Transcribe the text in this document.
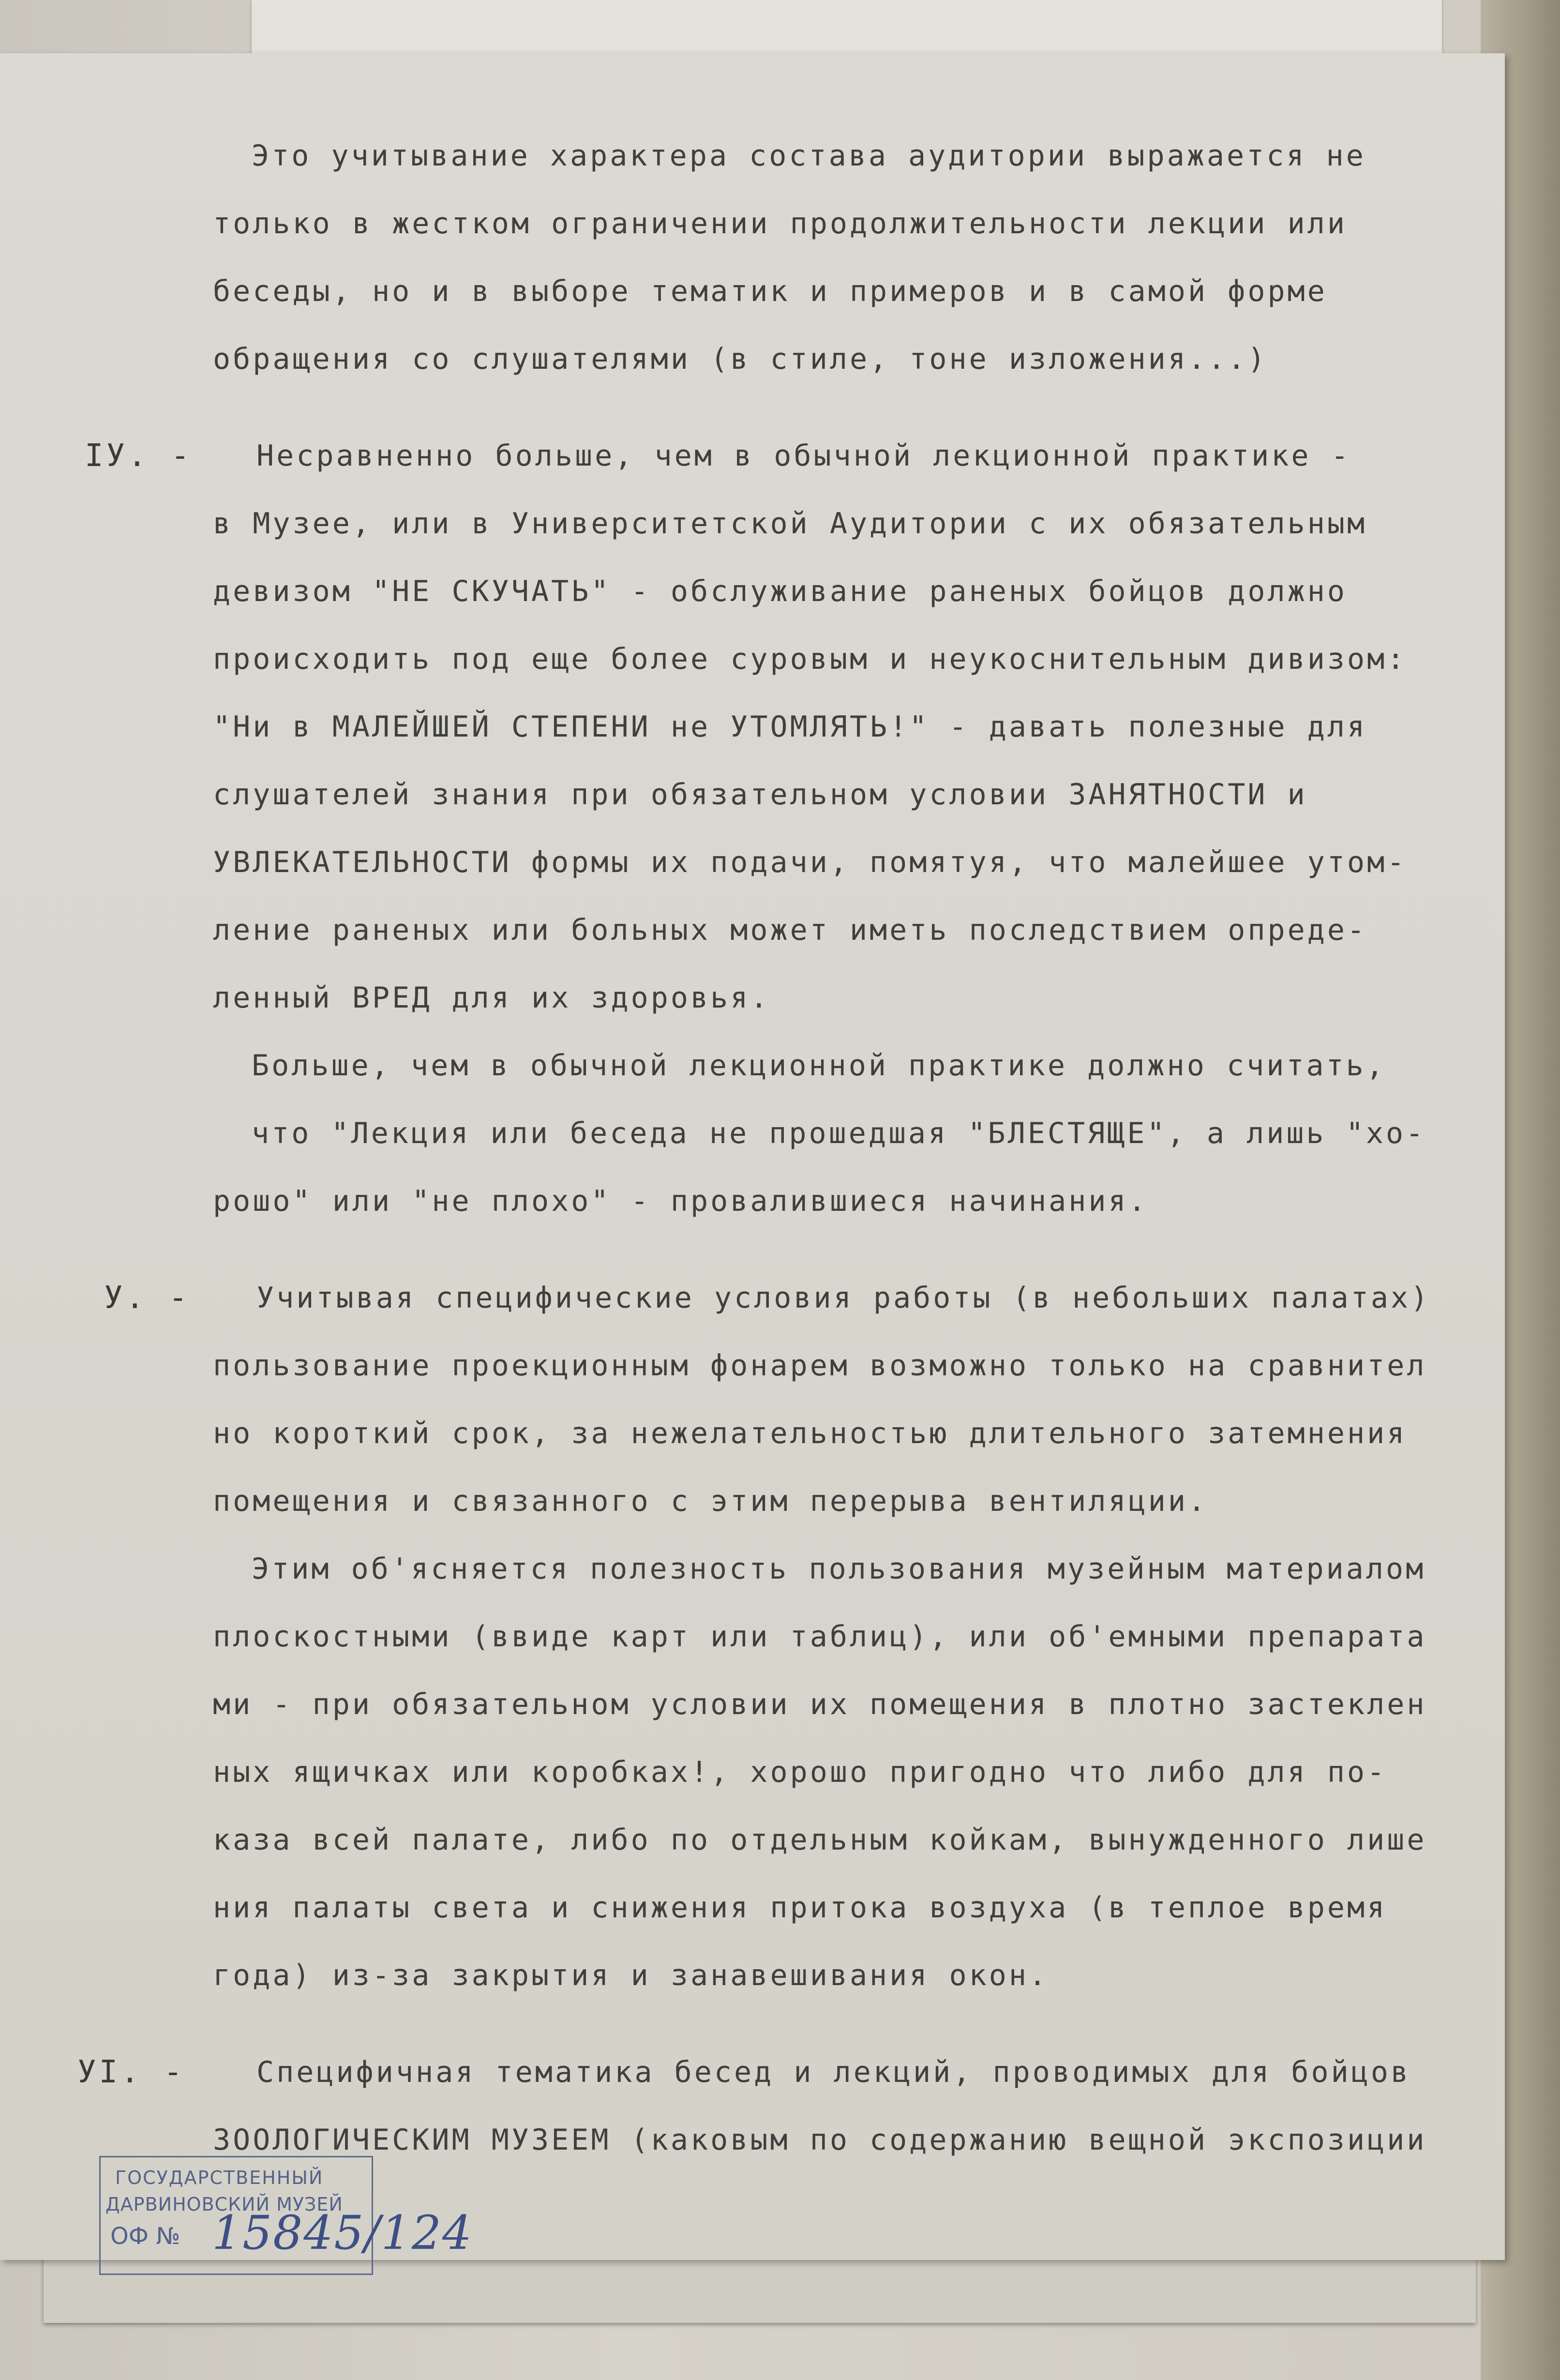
Это учитывание характера состава аудитории выражается не
только в жестком ограничении продолжительности лекции или
беседы, но и в выборе тематик и примеров и в самой форме
обращения со слушателями (в стиле, тоне изложения...)
IУ. - Несравненно больше, чем в обычной лекционной практике -
в Музее, или в Университетской Аудитории с их обязательным
девизом "НЕ СКУЧАТЬ" - обслуживание раненых бойцов должно
происходить под еще более суровым и неукоснительным дивизом:
"Ни в МАЛЕЙШЕЙ СТЕПЕНИ не УТОМЛЯТЬ!" - давать полезные для
слушателей знания при обязательном условии ЗАНЯТНОСТИ и
УВЛЕКАТЕЛЬНОСТИ формы их подачи, помятуя, что малейшее утом-
ление раненых или больных может иметь последствием опреде-
ленный ВРЕД для их здоровья.
Больше, чем в обычной лекционной практике должно считать,
что "Лекция или беседа не прошедшая "БЛЕСТЯЩЕ", а лишь "хо-
рошо" или "не плохо" - провалившиеся начинания.
У. - Учитывая специфические условия работы (в небольших палатах)
пользование проекционным фонарем возможно только на сравнител
но короткий срок, за нежелательностью длительного затемнения
помещения и связанного с этим перерыва вентиляции.
Этим об'ясняется полезность пользования музейным материалом
плоскостными (ввиде карт или таблиц), или об'емными препарата
ми - при обязательном условии их помещения в плотно застеклен
ных ящичках или коробках!, хорошо пригодно что либо для по-
каза всей палате, либо по отдельным койкам, вынужденного лише
ния палаты света и снижения притока воздуха (в теплое время
года) из-за закрытия и занавешивания окон.
УI. - Специфичная тематика бесед и лекций, проводимых для бойцов
ЗООЛОГИЧЕСКИМ МУЗЕЕМ (каковым по содержанию вещной экспозиции
ГОСУДАРСТВЕННЫЙ
ДАРВИНОВСКИЙ МУЗЕЙ
ОФ № 15845/124
